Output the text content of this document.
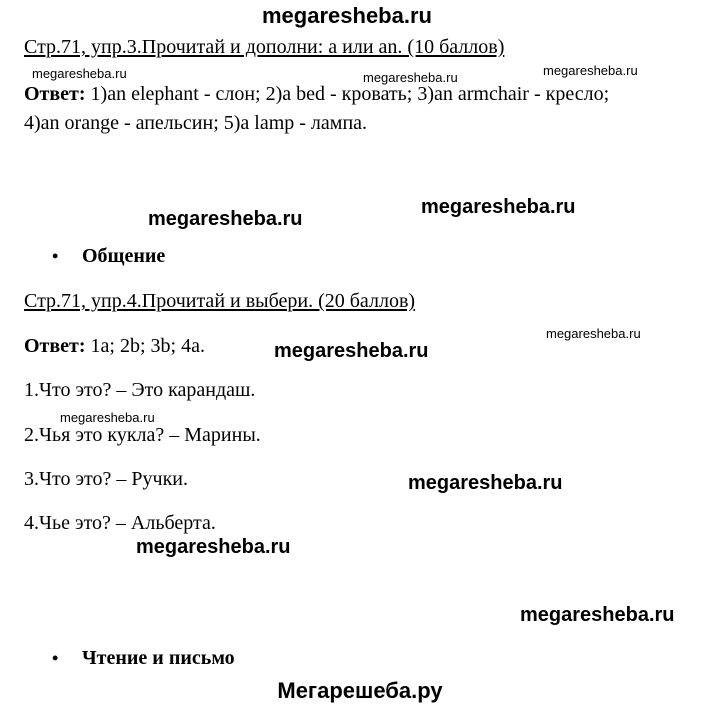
megaresheba.ru
Стр.71, упр.3.Прочитай и дополни: a или an. (10 баллов)
megaresheba.ru	megaresheba.ru	megaresheba.ru
Ответ: 1)an elephant - слон; 2)a bed - кровать; 3)an armchair - кресло;
4)an orange - апельсин; 5)a lamp - лампа.
megaresheba.ru
megaresheba.ru
• Общение
Стр.71, упр.4.Прочитай и выбери. (20 баллов)
megaresheba.ru
Ответ: 1a; 2b; 3b; 4a.	megaresheba.ru
1.Что это? – Это карандаш.
megaresheba.ru
2.Чья это кукла? – Марины.
3.Что это? – Ручки.	megaresheba.ru
4.Чье это? – Альберта.
megaresheba.ru
megaresheba.ru
• Чтение и письмо
Мегарешеба.ру
